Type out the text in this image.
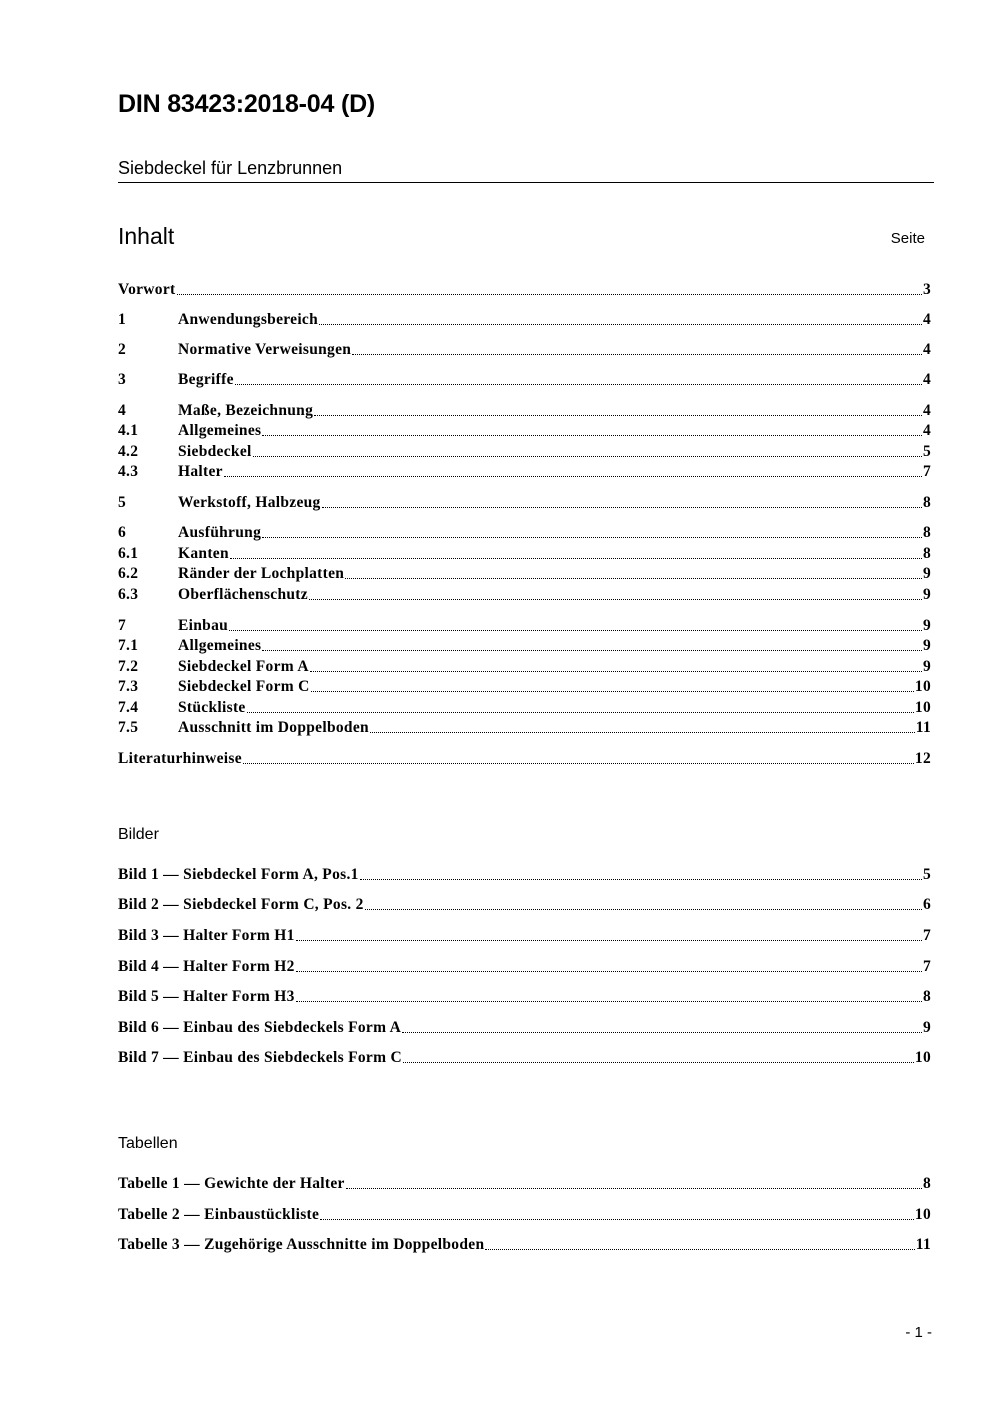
DIN 83423:2018-04 (D)
Siebdeckel für Lenzbrunnen
Inhalt	Seite
Vorwort	3
1	Anwendungsbereich	4
2	Normative Verweisungen	4
3	Begriffe	4
4	Maße, Bezeichnung	4
4.1	Allgemeines	4
4.2	Siebdeckel	5
4.3	Halter	7
5	Werkstoff, Halbzeug	8
6	Ausführung	8
6.1	Kanten	8
6.2	Ränder der Lochplatten	9
6.3	Oberflächenschutz	9
7	Einbau	9
7.1	Allgemeines	9
7.2	Siebdeckel Form A	9
7.3	Siebdeckel Form C	10
7.4	Stückliste	10
7.5	Ausschnitt im Doppelboden	11
Literaturhinweise	12
Bilder
Bild 1 — Siebdeckel Form A, Pos.1	5
Bild 2 — Siebdeckel Form C, Pos. 2	6
Bild 3 — Halter Form H1	7
Bild 4 — Halter Form H2	7
Bild 5 — Halter Form H3	8
Bild 6 — Einbau des Siebdeckels Form A	9
Bild 7 — Einbau des Siebdeckels Form C	10
Tabellen
Tabelle 1 — Gewichte der Halter	8
Tabelle 2 — Einbaustückliste	10
Tabelle 3 — Zugehörige Ausschnitte im Doppelboden	11
- 1 -
